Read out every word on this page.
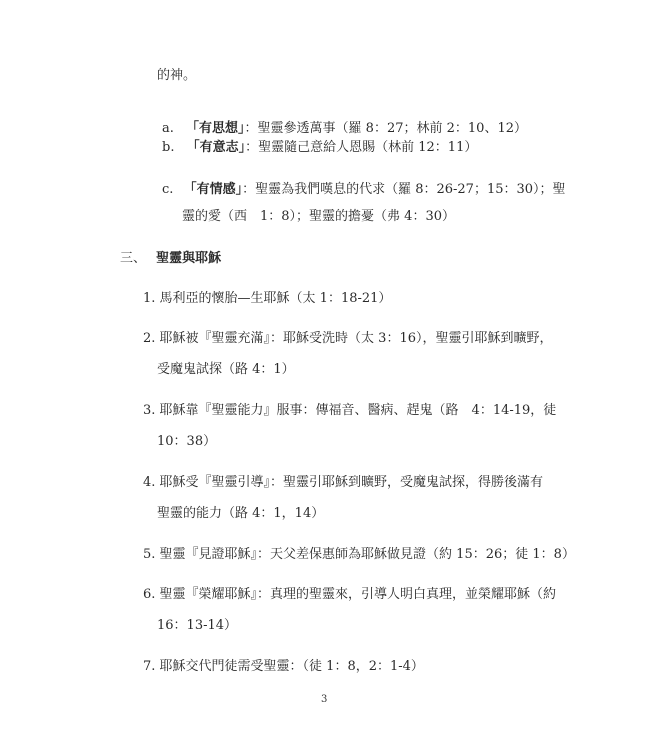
的神。
a. 「有思想」：聖靈參透萬事（羅 8：27；林前 2：10、12）
b. 「有意志」：聖靈隨己意給人恩賜（林前 12：11）
c. 「有情感」：聖靈為我們嘆息的代求（羅 8：26-27；15：30）；聖
靈的愛（西　1：8）；聖靈的擔憂（弗 4：30）
三、 聖靈與耶穌
1. 馬利亞的懷胎—生耶穌（太 1：18-21）
2. 耶穌被『聖靈充滿』：耶穌受洗時（太 3：16），聖靈引耶穌到曠野，
受魔鬼試探（路 4：1）
3. 耶穌靠『聖靈能力』服事：傳福音、醫病、趕鬼（路　4：14-19，徒
10：38）
4. 耶穌受『聖靈引導』：聖靈引耶穌到曠野，受魔鬼試探，得勝後滿有
聖靈的能力（路 4：1，14）
5. 聖靈『見證耶穌』：天父差保惠師為耶穌做見證（約 15：26；徒 1：8）
6. 聖靈『榮耀耶穌』：真理的聖靈來，引導人明白真理，並榮耀耶穌（約
16：13-14）
7. 耶穌交代門徒需受聖靈：（徒 1：8，2：1-4）
3
